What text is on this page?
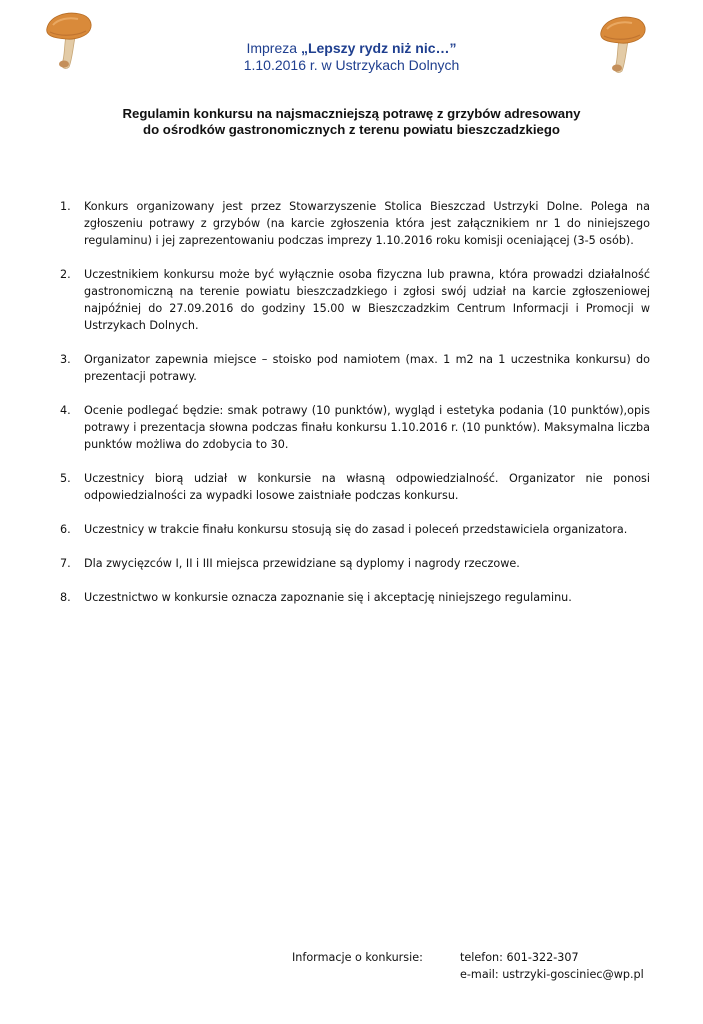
Impreza „Lepszy rydz niż nic…”
1.10.2016 r. w Ustrzykach Dolnych
Regulamin konkursu na najsmaczniejszą potrawę z grzybów adresowany
do ośrodków gastronomicznych z terenu powiatu bieszczadzkiego
1. Konkurs organizowany jest przez Stowarzyszenie Stolica Bieszczad Ustrzyki Dolne. Polega na zgłoszeniu potrawy z grzybów (na karcie zgłoszenia która jest załącznikiem nr 1 do niniejszego regulaminu) i jej zaprezentowaniu podczas imprezy 1.10.2016 roku komisji oceniającej (3-5 osób).
2. Uczestnikiem konkursu może być wyłącznie osoba fizyczna lub prawna, która prowadzi działalność gastronomiczną na terenie powiatu bieszczadzkiego i zgłosi swój udział na karcie zgłoszeniowej najpóźniej do 27.09.2016 do godziny 15.00 w Bieszczadzkim Centrum Informacji i Promocji w Ustrzykach Dolnych.
3. Organizator zapewnia miejsce – stoisko pod namiotem (max. 1 m2 na 1 uczestnika konkursu) do prezentacji potrawy.
4. Ocenie podlegać będzie: smak potrawy (10 punktów), wygląd i estetyka podania (10 punktów),opis potrawy i prezentacja słowna podczas finału konkursu 1.10.2016 r. (10 punktów). Maksymalna liczba punktów możliwa do zdobycia to 30.
5. Uczestnicy biorą udział w konkursie na własną odpowiedzialność. Organizator nie ponosi odpowiedzialności za wypadki losowe zaistniałe podczas konkursu.
6. Uczestnicy w trakcie finału konkursu stosują się do zasad i poleceń przedstawiciela organizatora.
7. Dla zwycięzców I, II i III miejsca przewidziane są dyplomy i nagrody rzeczowe.
8. Uczestnictwo w konkursie oznacza zapoznanie się i akceptację niniejszego regulaminu.
Informacje o konkursie:	telefon: 601-322-307
e-mail: ustrzyki-gosciniec@wp.pl
